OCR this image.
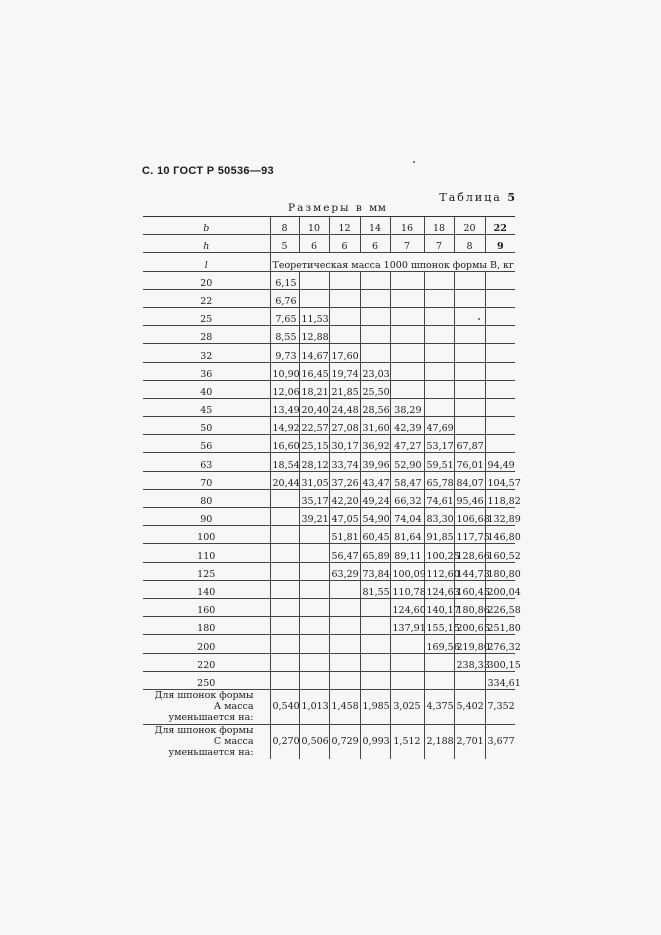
С. 10 ГОСТ Р 50536—93
Таблица 5
Размеры в мм
b	8	10	12	14	16	18	20	22
h	5	6	6	6	7	7	8	9
l	Теоретическая масса 1000 шпонок формы В, кг							
20	6,15							
22	6,76							
25	7,65	11,53						
28	8,55	12,88						
32	9,73	14,67	17,60					
36	10,90	16,45	19,74	23,03				
40	12,06	18,21	21,85	25,50				
45	13,49	20,40	24,48	28,56	38,29			
50	14,92	22,57	27,08	31,60	42,39	47,69		
56	16,60	25,15	30,17	36,92	47,27	53,17	67,87	
63	18,54	28,12	33,74	39,96	52,90	59,51	76,01	94,49
70	20,44	31,05	37,26	43,47	58,47	65,78	84,07	104,57
80		35,17	42,20	49,24	66,32	74,61	95,46	118,82
90		39,21	47,05	54,90	74,04	83,30	106,68	132,89
100			51,81	60,45	81,64	91,85	117,75	146,80
110			56,47	65,89	89,11	100,25	128,66	160,52
125			63,29	73,84	100,09	112,60	144,73	180,80
140				81,55	110,78	124,63	160,45	200,04
160					124,60	140,17	180,86	226,58
180					137,91	155,15	200,65	251,80
200						169,56	219,80	276,32
220							238,33	300,15
250								334,61
Для шпонок формы А масса уменьшается на:	0,540	1,013	1,458	1,985	3,025	4,375	5,402	7,352
Для шпонок формы С масса уменьшается на:	0,270	0,506	0,729	0,993	1,512	2,188	2,701	3,677
